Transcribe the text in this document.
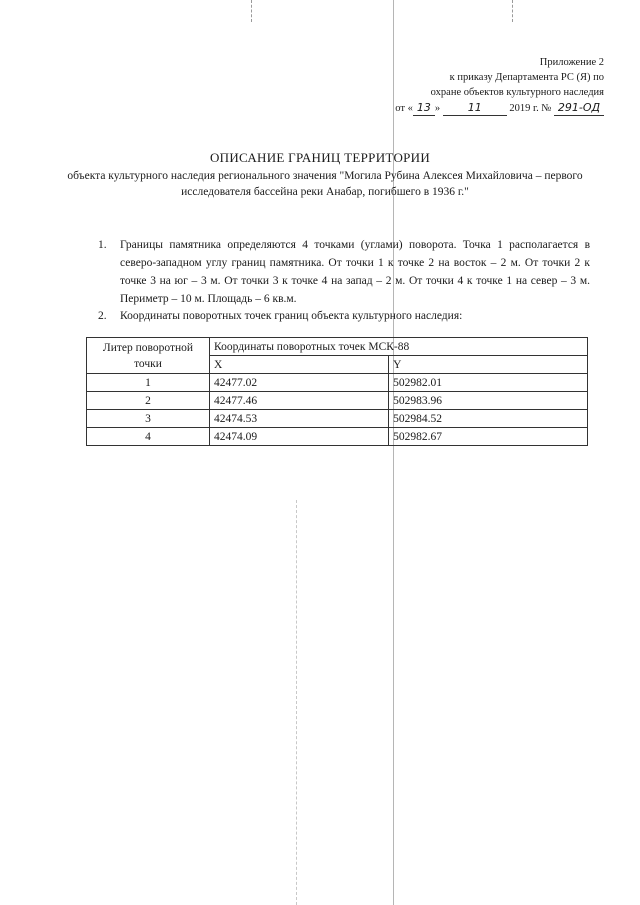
Приложение 2
к приказу Департамента РС (Я) по
охране объектов культурного наследия
от « 13 »	11	2019 г. № 291-ОД
ОПИСАНИЕ ГРАНИЦ ТЕРРИТОРИИ
объекта культурного наследия регионального значения "Могила Рубина Алексея Михайловича – первого исследователя бассейна реки Анабар, погибшего в 1936 г."
1. Границы памятника определяются 4 точками (углами) поворота. Точка 1 располагается в северо-западном углу границ памятника. От точки 1 к точке 2 на восток – 2 м. От точки 2 к точке 3 на юг – 3 м. От точки 3 к точке 4 на запад – 2 м. От точки 4 к точке 1 на север – 3 м. Периметр – 10 м. Площадь – 6 кв.м.
2. Координаты поворотных точек границ объекта культурного наследия:
Литер поворотной точки	Координаты поворотных точек МСК-88	
	X	Y
1	42477.02	502982.01
2	42477.46	502983.96
3	42474.53	502984.52
4	42474.09	502982.67
